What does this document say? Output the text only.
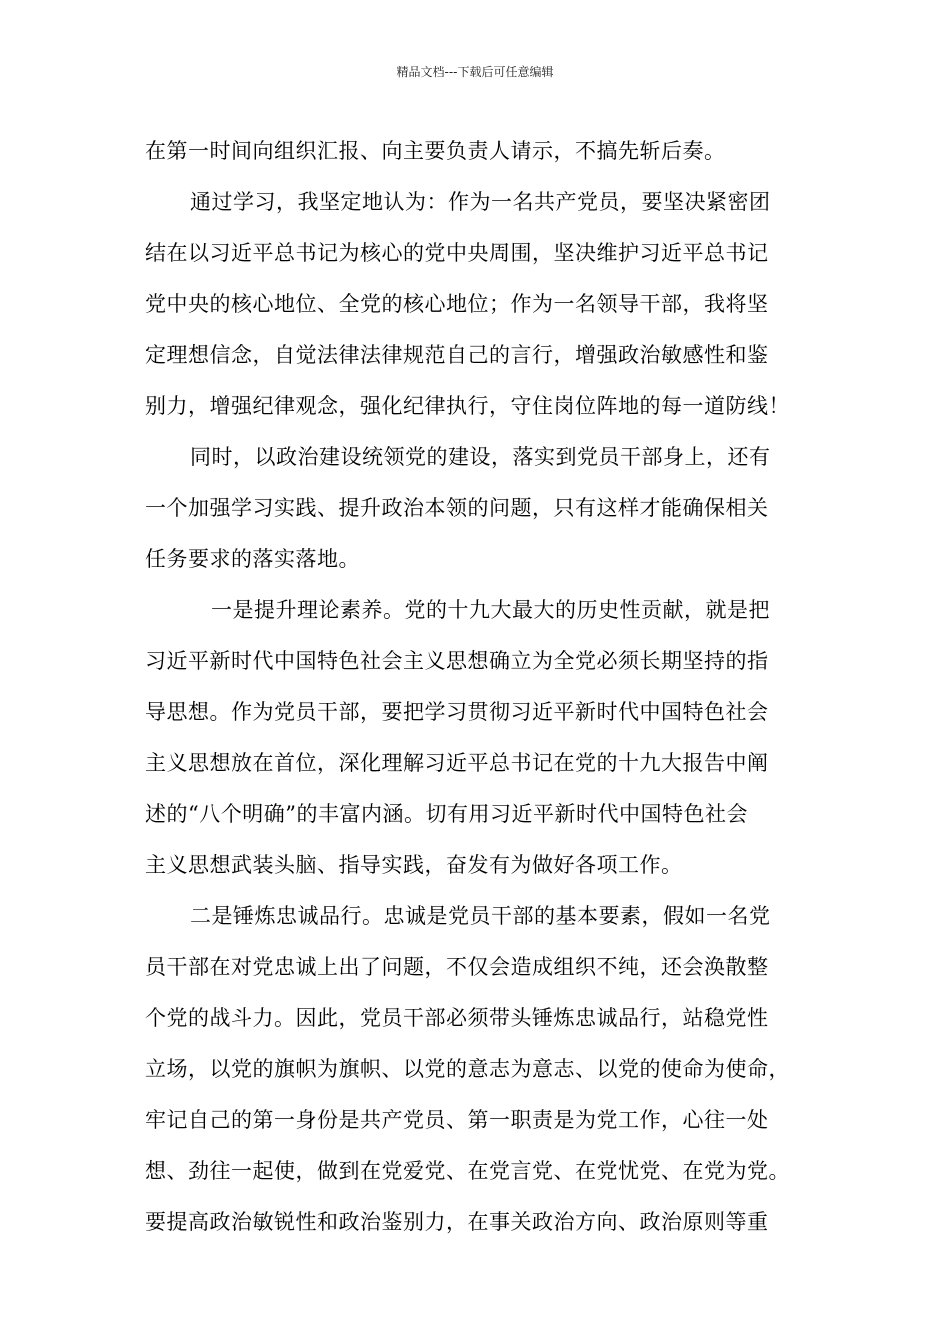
精品文档---下载后可任意编辑
在第一时间向组织汇报、向主要负责人请示，不搞先斩后奏。
通过学习，我坚定地认为：作为一名共产党员，要坚决紧密团
结在以习近平总书记为核心的党中央周围，坚决维护习近平总书记
党中央的核心地位、全党的核心地位；作为一名领导干部，我将坚
定理想信念，自觉法律法律规范自己的言行，增强政治敏感性和鉴
别力，增强纪律观念，强化纪律执行，守住岗位阵地的每一道防线！
同时，以政治建设统领党的建设，落实到党员干部身上，还有
一个加强学习实践、提升政治本领的问题，只有这样才能确保相关
任务要求的落实落地。
一是提升理论素养。党的十九大最大的历史性贡献，就是把
习近平新时代中国特色社会主义思想确立为全党必须长期坚持的指
导思想。作为党员干部，要把学习贯彻习近平新时代中国特色社会
主义思想放在首位，深化理解习近平总书记在党的十九大报告中阐
述的“八个明确”的丰富内涵。切有用习近平新时代中国特色社会
主义思想武装头脑、指导实践，奋发有为做好各项工作。
二是锤炼忠诚品行。忠诚是党员干部的基本要素，假如一名党
员干部在对党忠诚上出了问题，不仅会造成组织不纯，还会涣散整
个党的战斗力。因此，党员干部必须带头锤炼忠诚品行，站稳党性
立场，以党的旗帜为旗帜、以党的意志为意志、以党的使命为使命，
牢记自己的第一身份是共产党员、第一职责是为党工作，心往一处
想、劲往一起使，做到在党爱党、在党言党、在党忧党、在党为党。
要提高政治敏锐性和政治鉴别力，在事关政治方向、政治原则等重
